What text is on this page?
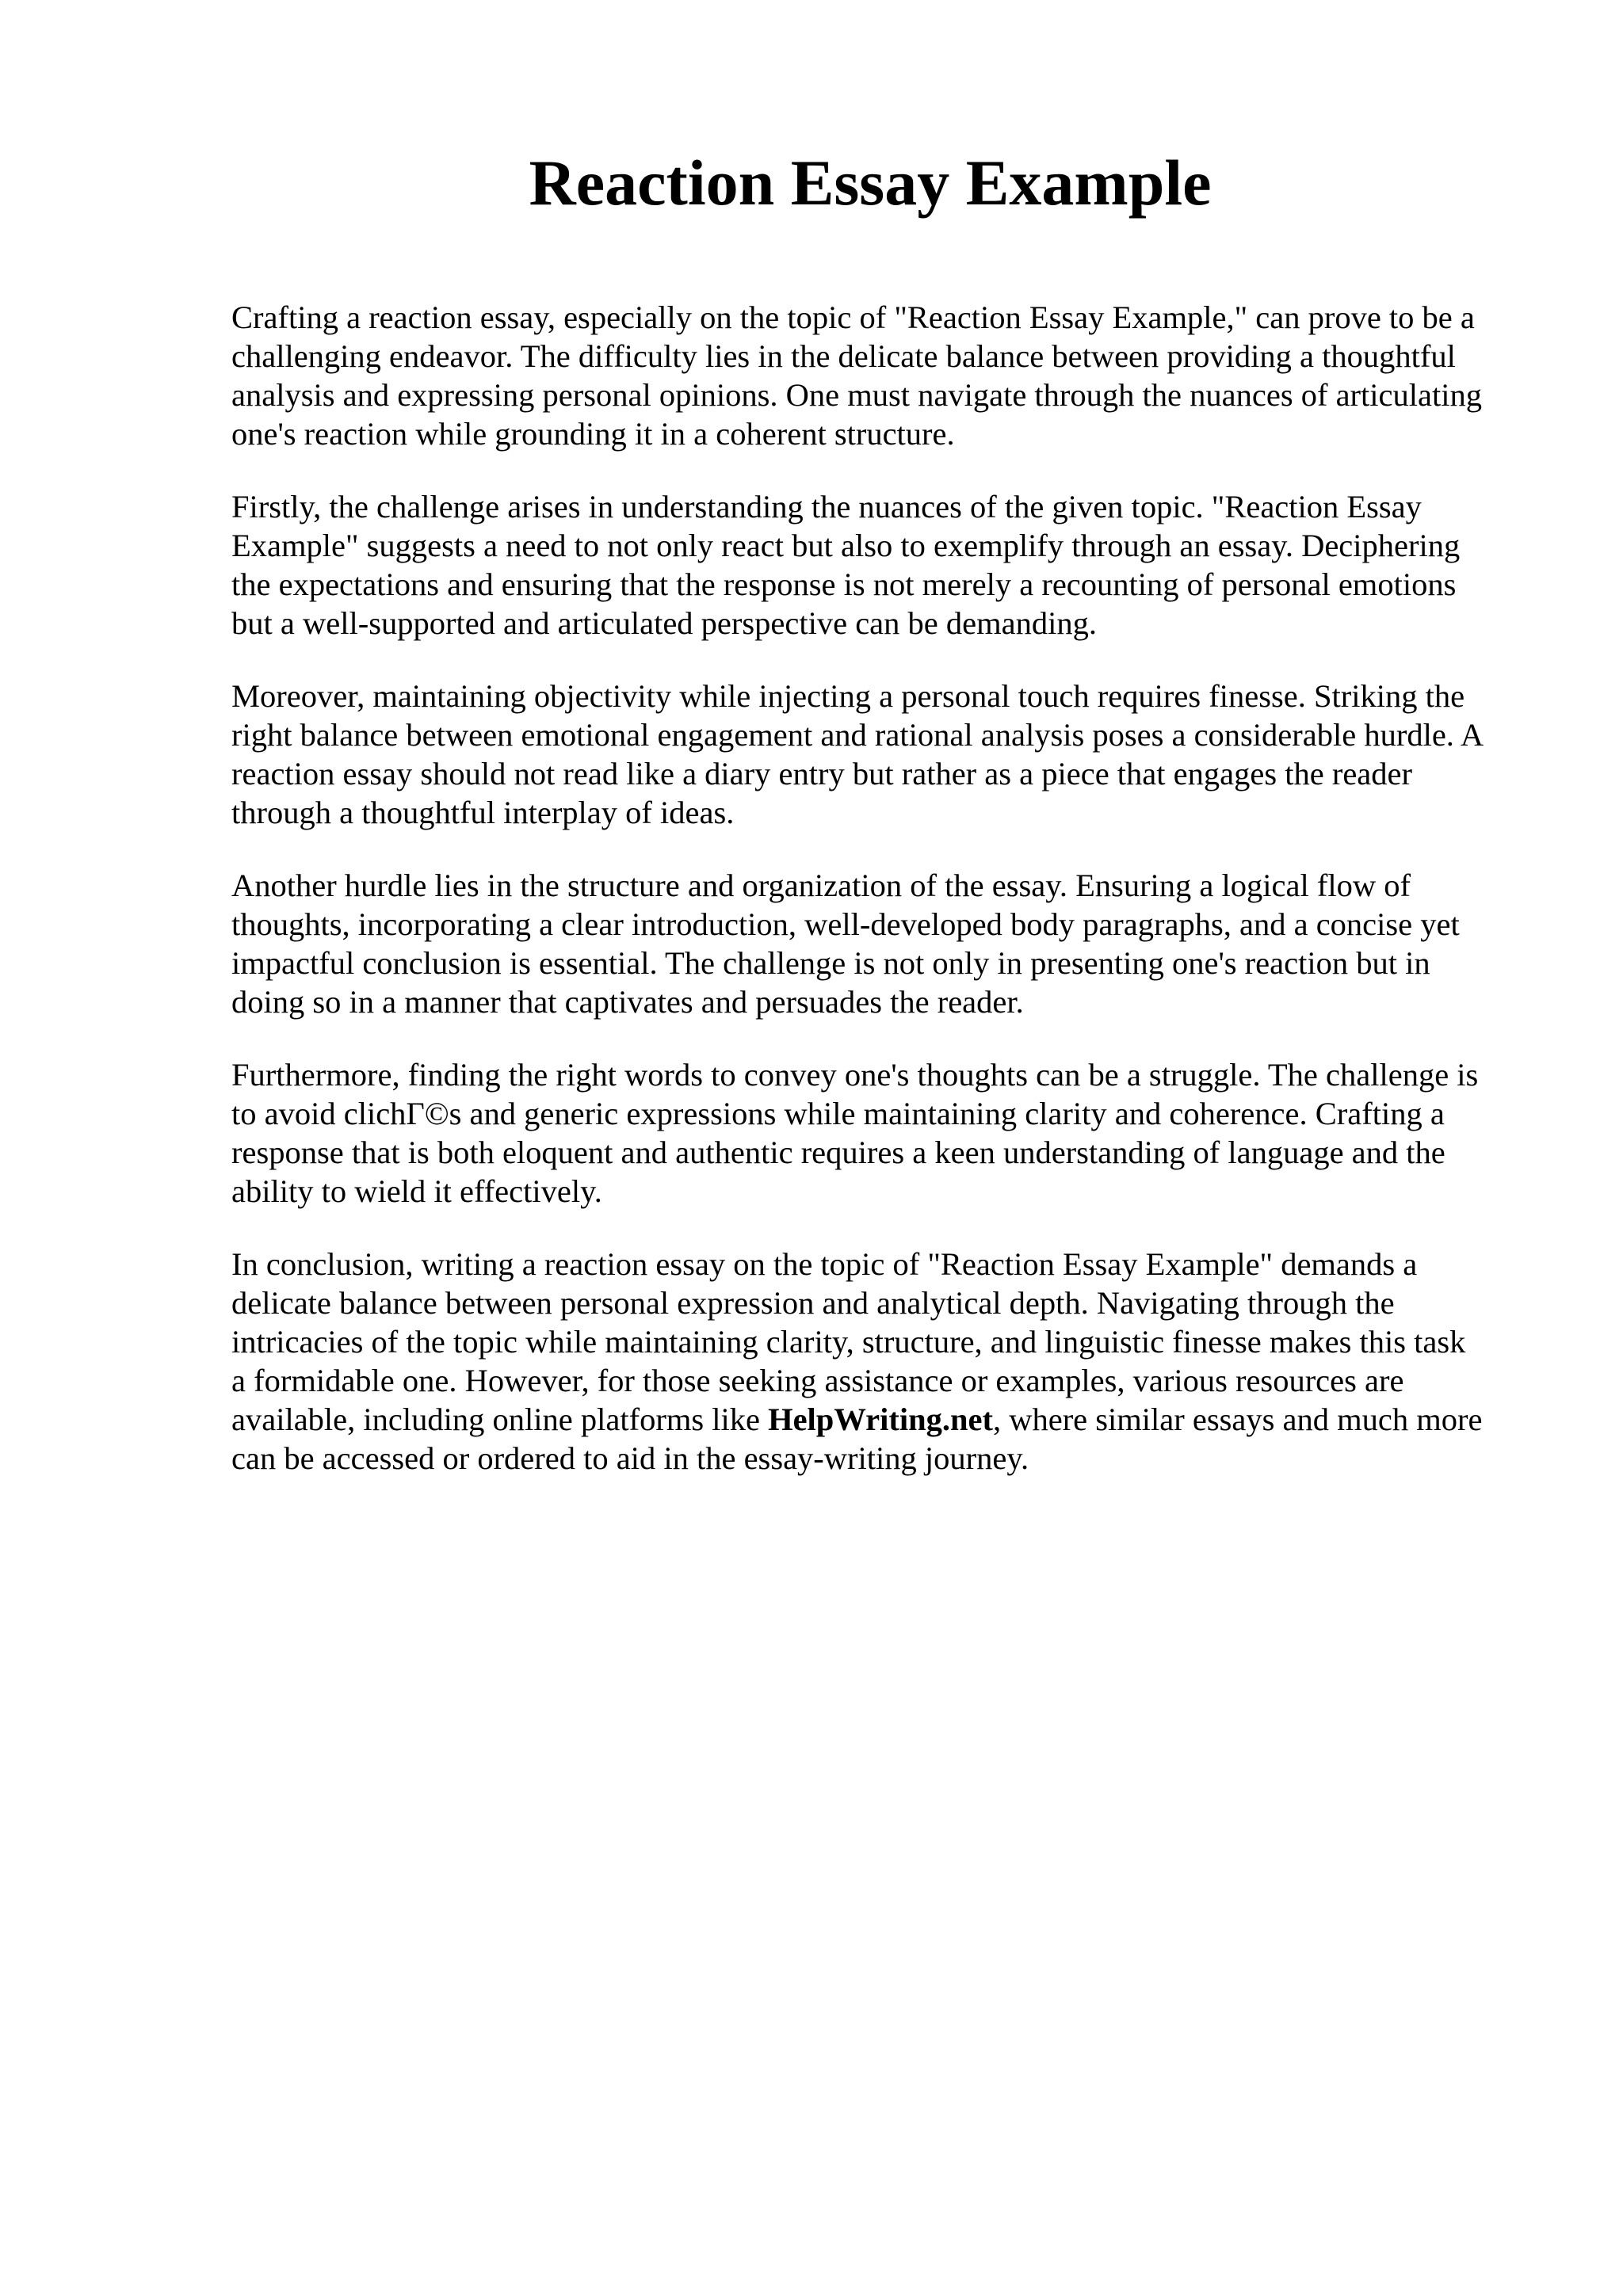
Reaction Essay Example

Crafting a reaction essay, especially on the topic of "Reaction Essay Example," can prove to be a
challenging endeavor. The difficulty lies in the delicate balance between providing a thoughtful
analysis and expressing personal opinions. One must navigate through the nuances of articulating
one's reaction while grounding it in a coherent structure.

Firstly, the challenge arises in understanding the nuances of the given topic. "Reaction Essay
Example" suggests a need to not only react but also to exemplify through an essay. Deciphering
the expectations and ensuring that the response is not merely a recounting of personal emotions
but a well-supported and articulated perspective can be demanding.

Moreover, maintaining objectivity while injecting a personal touch requires finesse. Striking the
right balance between emotional engagement and rational analysis poses a considerable hurdle. A
reaction essay should not read like a diary entry but rather as a piece that engages the reader
through a thoughtful interplay of ideas.

Another hurdle lies in the structure and organization of the essay. Ensuring a logical flow of
thoughts, incorporating a clear introduction, well-developed body paragraphs, and a concise yet
impactful conclusion is essential. The challenge is not only in presenting one's reaction but in
doing so in a manner that captivates and persuades the reader.

Furthermore, finding the right words to convey one's thoughts can be a struggle. The challenge is
to avoid clichΓ©s and generic expressions while maintaining clarity and coherence. Crafting a
response that is both eloquent and authentic requires a keen understanding of language and the
ability to wield it effectively.

In conclusion, writing a reaction essay on the topic of "Reaction Essay Example" demands a
delicate balance between personal expression and analytical depth. Navigating through the
intricacies of the topic while maintaining clarity, structure, and linguistic finesse makes this task
a formidable one. However, for those seeking assistance or examples, various resources are
available, including online platforms like HelpWriting.net, where similar essays and much more
can be accessed or ordered to aid in the essay-writing journey.
